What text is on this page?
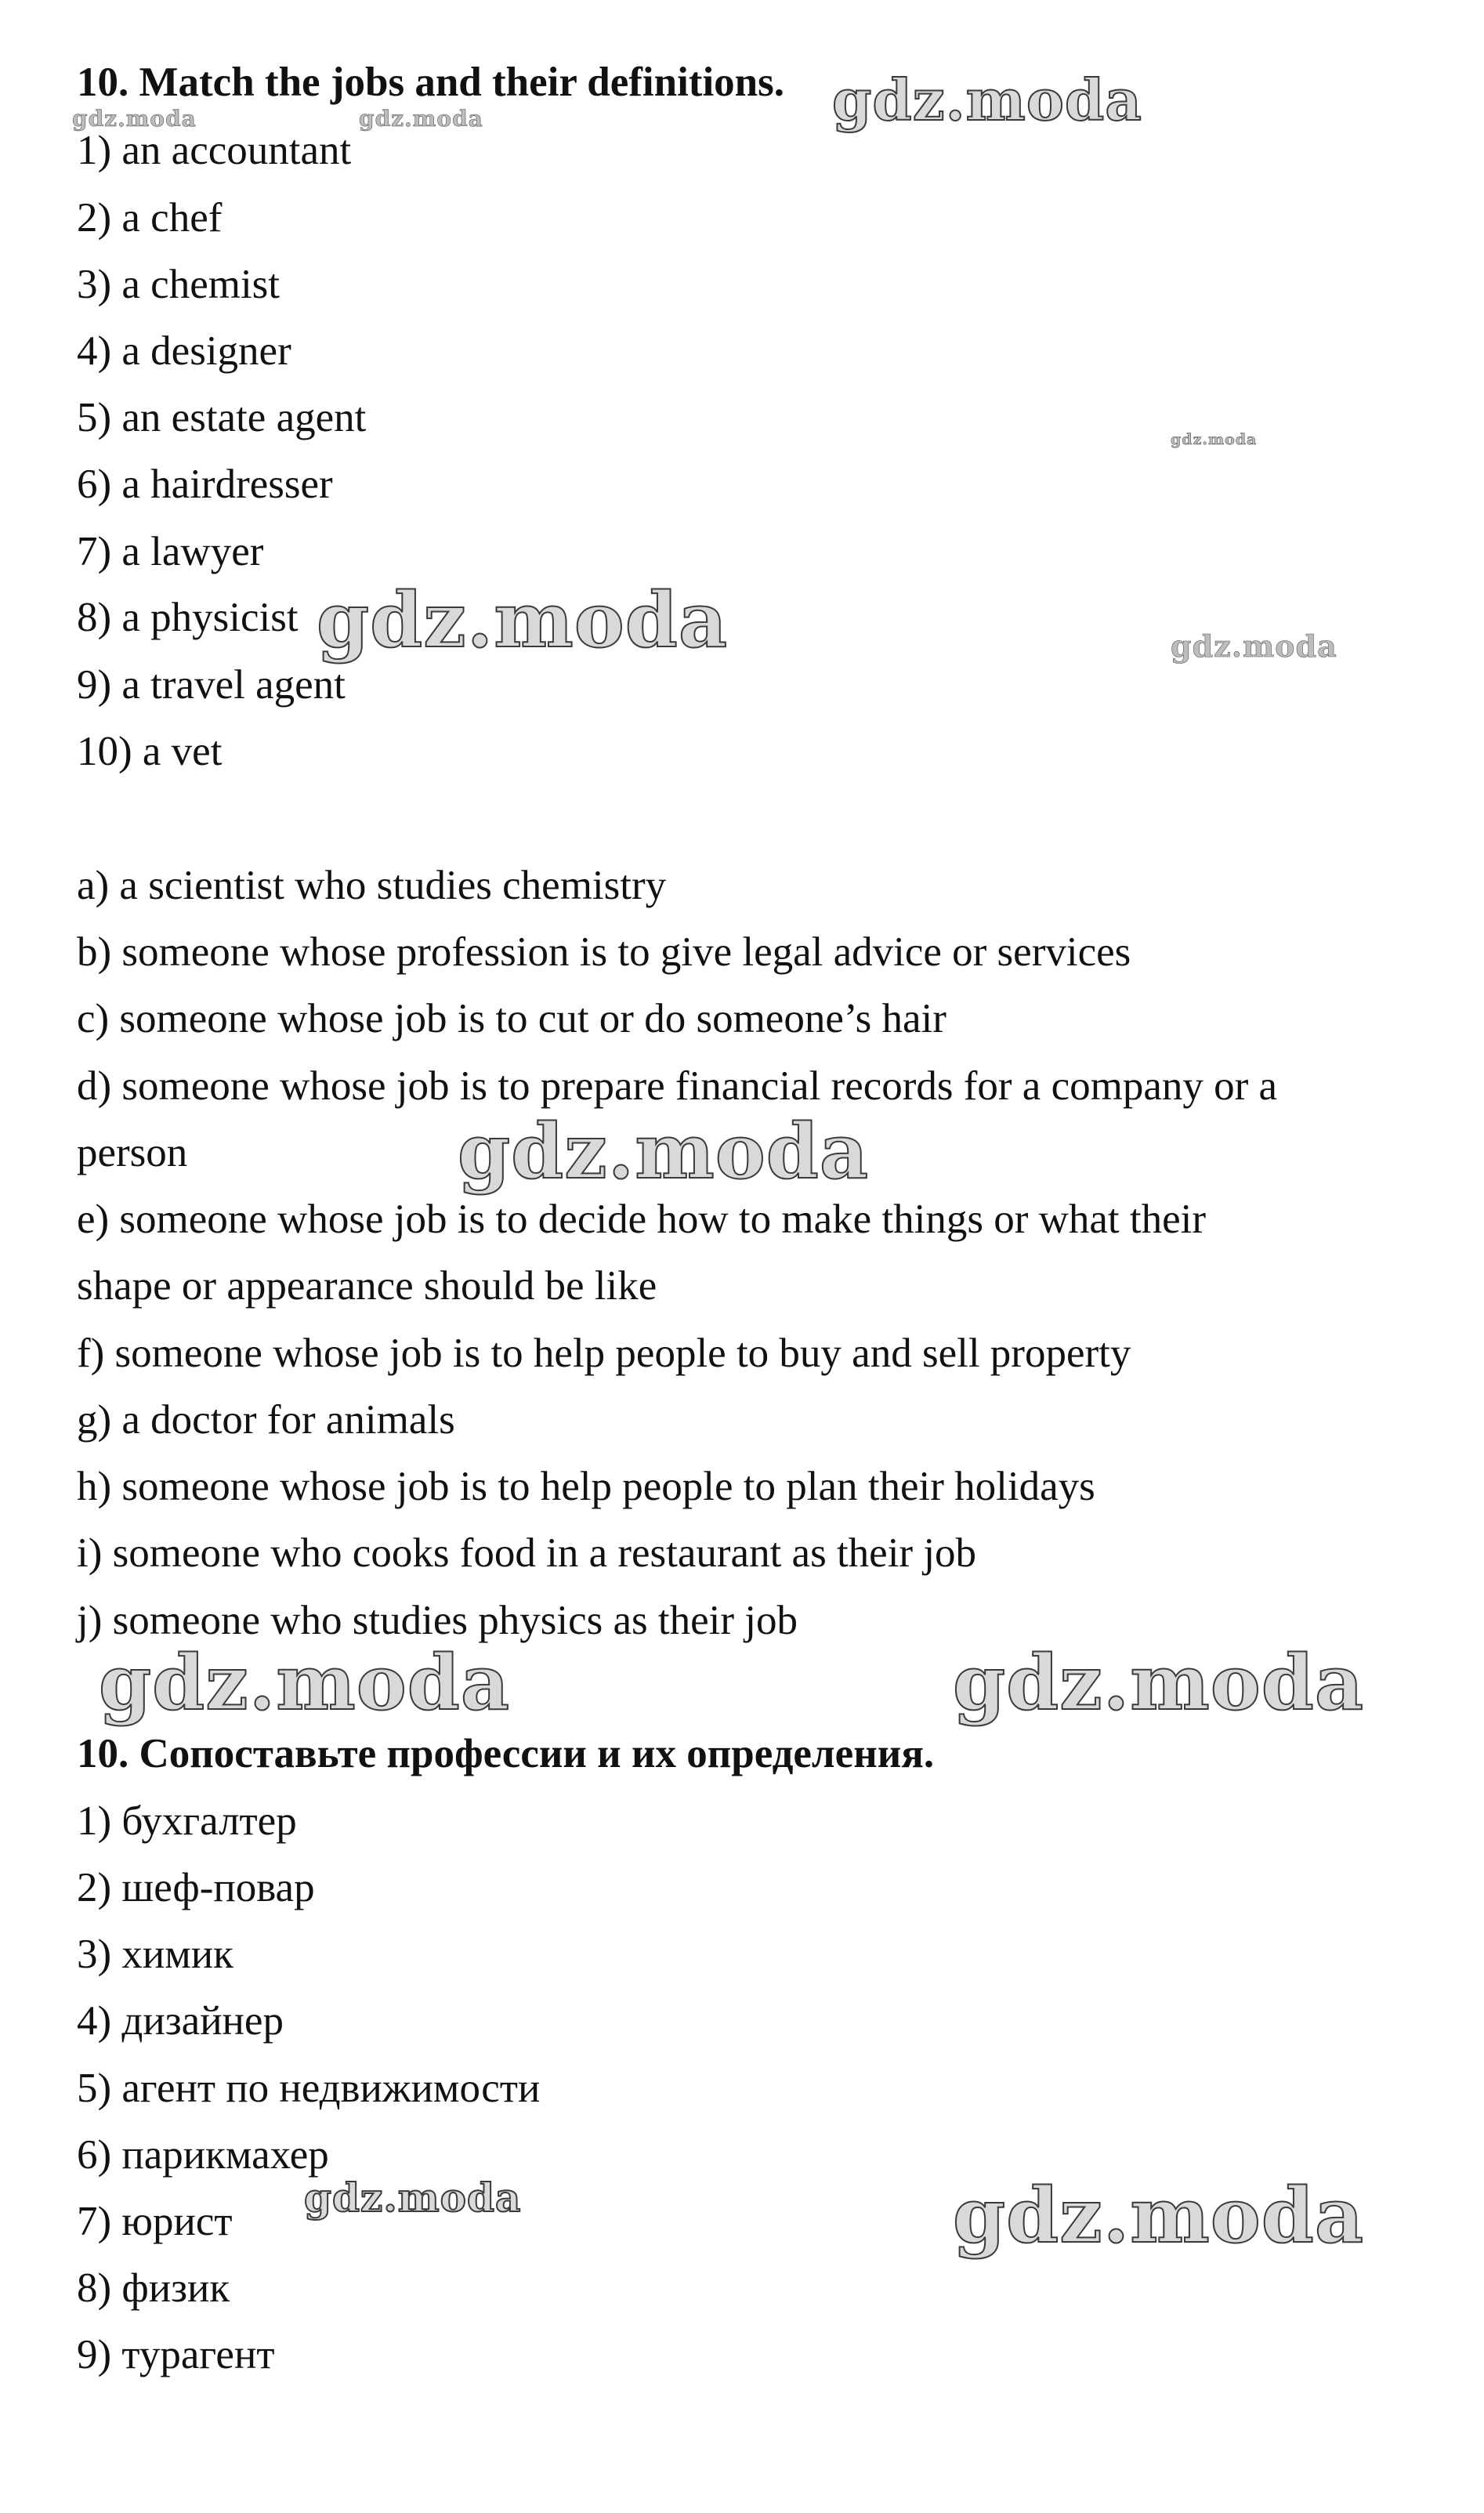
10. Match the jobs and their definitions.
1) an accountant
2) a chef
3) a chemist
4) a designer
5) an estate agent
6) a hairdresser
7) a lawyer
8) a physicist
9) a travel agent
10) a vet
a) a scientist who studies chemistry
b) someone whose profession is to give legal advice or services
c) someone whose job is to cut or do someone’s hair
d) someone whose job is to prepare financial records for a company or a
person
e) someone whose job is to decide how to make things or what their
shape or appearance should be like
f) someone whose job is to help people to buy and sell property
g) a doctor for animals
h) someone whose job is to help people to plan their holidays
i) someone who cooks food in a restaurant as their job
j) someone who studies physics as their job
10. Сопоставьте профессии и их определения.
1) бухгалтер
2) шеф-повар
3) химик
4) дизайнер
5) агент по недвижимости
6) парикмахер
7) юрист
8) физик
9) турагент
gdz.moda	gdz.moda	gdz.moda
gdz.moda
gdz.moda	gdz.moda
gdz.moda
gdz.moda	gdz.moda
gdz.moda	gdz.moda
